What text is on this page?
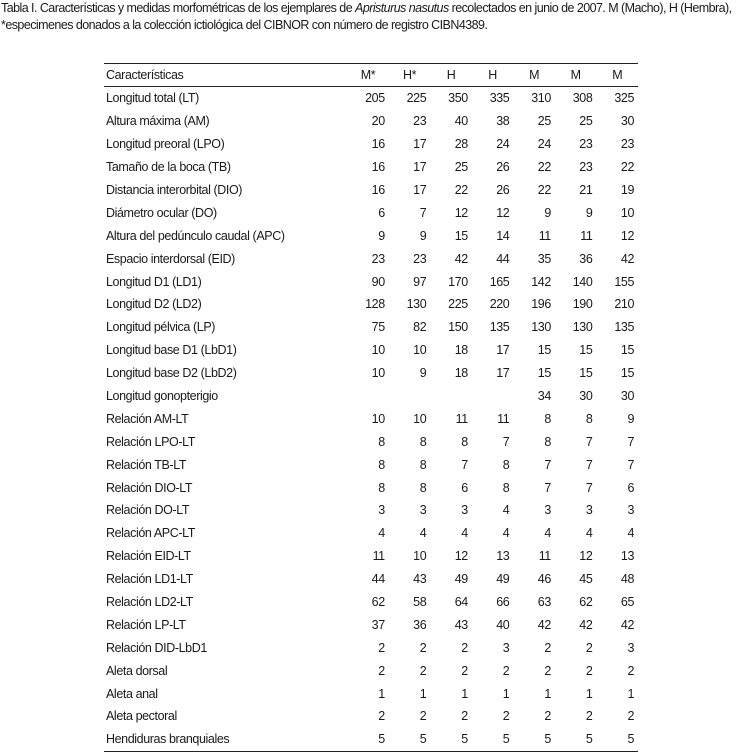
Tabla I. Características y medidas morfométricas de los ejemplares de Apristurus nasutus recolectados en junio de 2007. M (Macho), H (Hembra), *especimenes donados a la colección ictiológica del CIBNOR con número de registro CIBN4389.
Características	M*	H*	H	H	M	M	M
Longitud total (LT)	205	225	350	335	310	308	325
Altura máxima (AM)	20	23	40	38	25	25	30
Longitud preoral (LPO)	16	17	28	24	24	23	23
Tamaño de la boca (TB)	16	17	25	26	22	23	22
Distancia interorbital (DIO)	16	17	22	26	22	21	19
Diámetro ocular (DO)	6	7	12	12	9	9	10
Altura del pedúnculo caudal (APC)	9	9	15	14	11	11	12
Espacio interdorsal (EID)	23	23	42	44	35	36	42
Longitud D1 (LD1)	90	97	170	165	142	140	155
Longitud D2 (LD2)	128	130	225	220	196	190	210
Longitud pélvica (LP)	75	82	150	135	130	130	135
Longitud base D1 (LbD1)	10	10	18	17	15	15	15
Longitud base D2 (LbD2)	10	9	18	17	15	15	15
Longitud gonopterigio					34	30	30
Relación AM-LT	10	10	11	11	8	8	9
Relación LPO-LT	8	8	8	7	8	7	7
Relación TB-LT	8	8	7	8	7	7	7
Relación DIO-LT	8	8	6	8	7	7	6
Relación DO-LT	3	3	3	4	3	3	3
Relación APC-LT	4	4	4	4	4	4	4
Relación EID-LT	11	10	12	13	11	12	13
Relación LD1-LT	44	43	49	49	46	45	48
Relación LD2-LT	62	58	64	66	63	62	65
Relación LP-LT	37	36	43	40	42	42	42
Relación DID-LbD1	2	2	2	3	2	2	3
Aleta dorsal	2	2	2	2	2	2	2
Aleta anal	1	1	1	1	1	1	1
Aleta pectoral	2	2	2	2	2	2	2
Hendiduras branquiales	5	5	5	5	5	5	5
